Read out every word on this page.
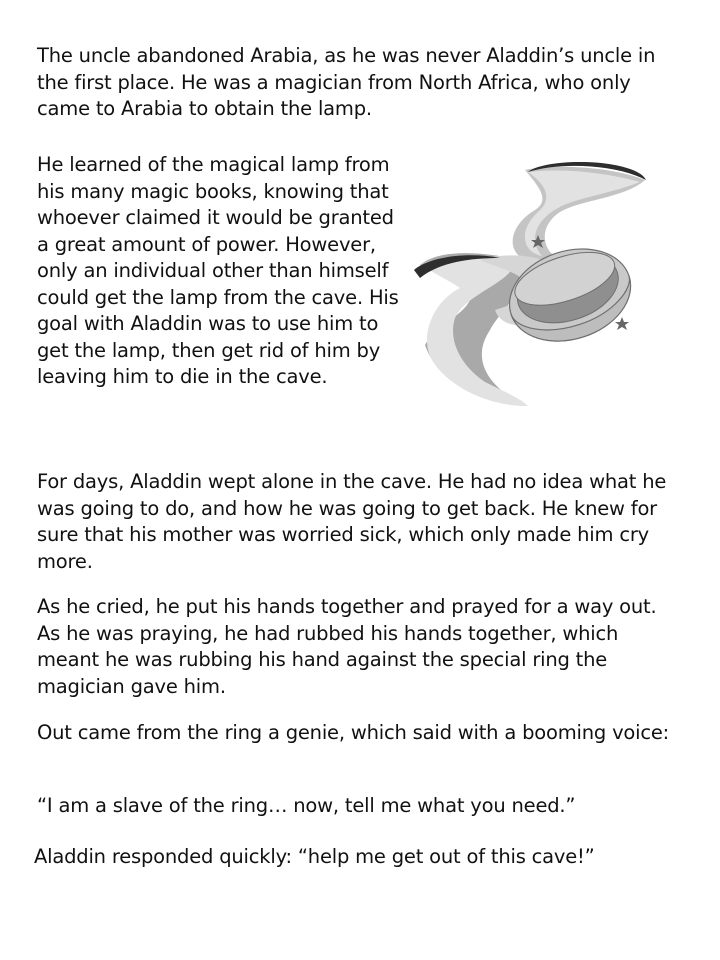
The uncle abandoned Arabia, as he was never Aladdin’s uncle in the first place. He was a magician from North Africa, who only came to Arabia to obtain the lamp.

He learned of the magical lamp from his many magic books, knowing that whoever claimed it would be granted a great amount of power. However, only an individual other than himself could get the lamp from the cave. His goal with Aladdin was to use him to get the lamp, then get rid of him by leaving him to die in the cave.

For days, Aladdin wept alone in the cave. He had no idea what he was going to do, and how he was going to get back. He knew for sure that his mother was worried sick, which only made him cry more.

As he cried, he put his hands together and prayed for a way out. As he was praying, he had rubbed his hands together, which meant he was rubbing his hand against the special ring the magician gave him.

Out came from the ring a genie, which said with a booming voice:

“I am a slave of the ring… now, tell me what you need.”

Aladdin responded quickly: “help me get out of this cave!”
